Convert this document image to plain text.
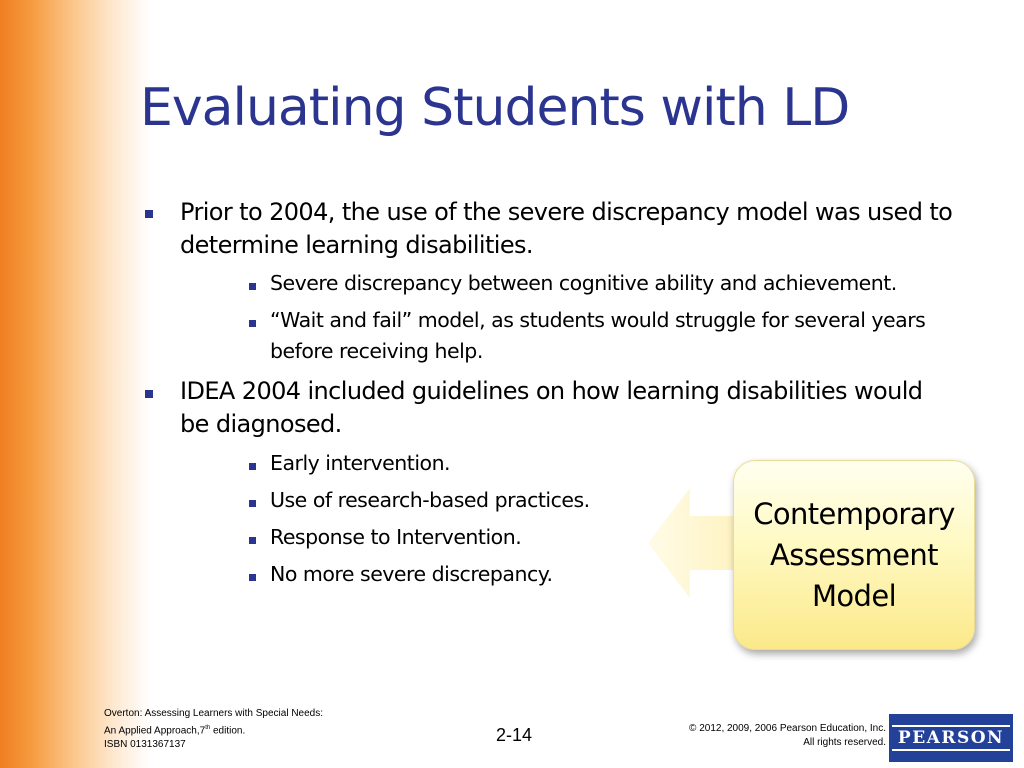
Evaluating Students with LD
Prior to 2004, the use of the severe discrepancy model was used to determine learning disabilities.
Severe discrepancy between cognitive ability and achievement.
“Wait and fail” model, as students would struggle for several years before receiving help.
IDEA 2004 included guidelines on how learning disabilities would be diagnosed.
Early intervention.
Use of research-based practices.
Response to Intervention.
No more severe discrepancy.
Contemporary
Assessment
Model
Overton: Assessing Learners with Special Needs:
An Applied Approach,7th edition.
ISBN 0131367137	2-14	© 2012, 2009, 2006 Pearson Education, Inc.
All rights reserved. PEARSON
